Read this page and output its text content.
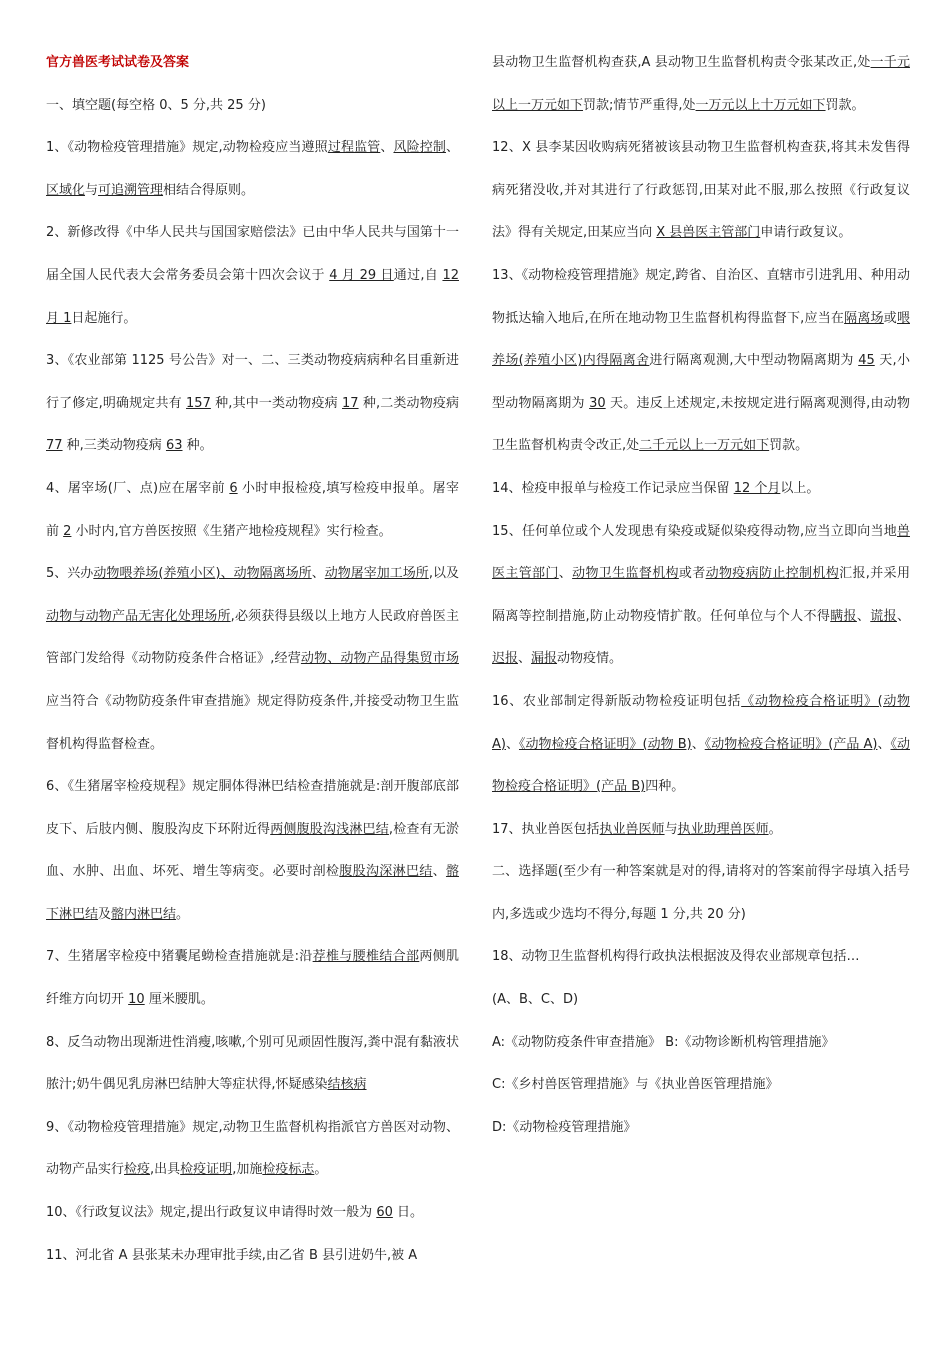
官方兽医考试试卷及答案
一、填空题(每空格 0、5 分,共 25 分)
1、《动物检疫管理措施》规定,动物检疫应当遵照过程监管、风险控制、区域化与可追溯管理相结合得原则。
2、新修改得《中华人民共与国国家赔偿法》已由中华人民共与国第十一届全国人民代表大会常务委员会第十四次会议于 4 月 29 日通过,自 12 月 1日起施行。
3、《农业部第 1125 号公告》对一、二、三类动物疫病病种名目重新进行了修定,明确规定共有 157 种,其中一类动物疫病 17 种,二类动物疫病 77 种,三类动物疫病 63 种。
4、屠宰场(厂、点)应在屠宰前 6 小时申报检疫,填写检疫申报单。屠宰前 2 小时内,官方兽医按照《生猪产地检疫规程》实行检查。
5、兴办动物喂养场(养殖小区)、动物隔离场所、动物屠宰加工场所,以及动物与动物产品无害化处理场所,必须获得县级以上地方人民政府兽医主管部门发给得《动物防疫条件合格证》,经营动物、动物产品得集贸市场应当符合《动物防疫条件审查措施》规定得防疫条件,并接受动物卫生监督机构得监督检查。
6、《生猪屠宰检疫规程》规定胴体得淋巴结检查措施就是:剖开腹部底部皮下、后肢内侧、腹股沟皮下环附近得两侧腹股沟浅淋巴结,检查有无淤血、水肿、出血、坏死、增生等病变。必要时剖检腹股沟深淋巴结、髂下淋巴结及髂内淋巴结。
7、生猪屠宰检疫中猪囊尾蚴检查措施就是:沿荐椎与腰椎结合部两侧肌纤维方向切开 10 厘米腰肌。
8、反刍动物出现渐进性消瘦,咳嗽,个别可见顽固性腹泻,粪中混有黏液状脓汁;奶牛偶见乳房淋巴结肿大等症状得,怀疑感染结核病
9、《动物检疫管理措施》规定,动物卫生监督机构指派官方兽医对动物、动物产品实行检疫,出具检疫证明,加施检疫标志。
10、《行政复议法》规定,提出行政复议申请得时效一般为 60 日。
11、河北省 A 县张某未办理审批手续,由乙省 B 县引进奶牛,被 A
县动物卫生监督机构查获,A 县动物卫生监督机构责令张某改正,处一千元以上一万元如下罚款;情节严重得,处一万元以上十万元如下罚款。
12、X 县李某因收购病死猪被该县动物卫生监督机构查获,将其未发售得病死猪没收,并对其进行了行政惩罚,田某对此不服,那么按照《行政复议法》得有关规定,田某应当向 X 县兽医主管部门申请行政复议。
13、《动物检疫管理措施》规定,跨省、自治区、直辖市引进乳用、种用动物抵达输入地后,在所在地动物卫生监督机构得监督下,应当在隔离场或喂养场(养殖小区)内得隔离舍进行隔离观测,大中型动物隔离期为 45 天,小型动物隔离期为 30 天。违反上述规定,未按规定进行隔离观测得,由动物卫生监督机构责令改正,处二千元以上一万元如下罚款。
14、检疫申报单与检疫工作记录应当保留 12 个月以上。
15、任何单位或个人发现患有染疫或疑似染疫得动物,应当立即向当地兽医主管部门、动物卫生监督机构或者动物疫病防止控制机构汇报,并采用隔离等控制措施,防止动物疫情扩散。任何单位与个人不得瞒报、谎报、迟报、漏报动物疫情。
16、农业部制定得新版动物检疫证明包括《动物检疫合格证明》(动物 A)、《动物检疫合格证明》(动物 B)、《动物检疫合格证明》(产品 A)、《动物检疫合格证明》(产品 B)四种。
17、执业兽医包括执业兽医师与执业助理兽医师。
二、选择题(至少有一种答案就是对的得,请将对的答案前得字母填入括号内,多选或少选均不得分,每题 1 分,共 20 分)
18、动物卫生监督机构得行政执法根据波及得农业部规章包括…
(A、B、C、D)
A:《动物防疫条件审查措施》 B:《动物诊断机构管理措施》
C:《乡村兽医管理措施》与《执业兽医管理措施》
D:《动物检疫管理措施》
